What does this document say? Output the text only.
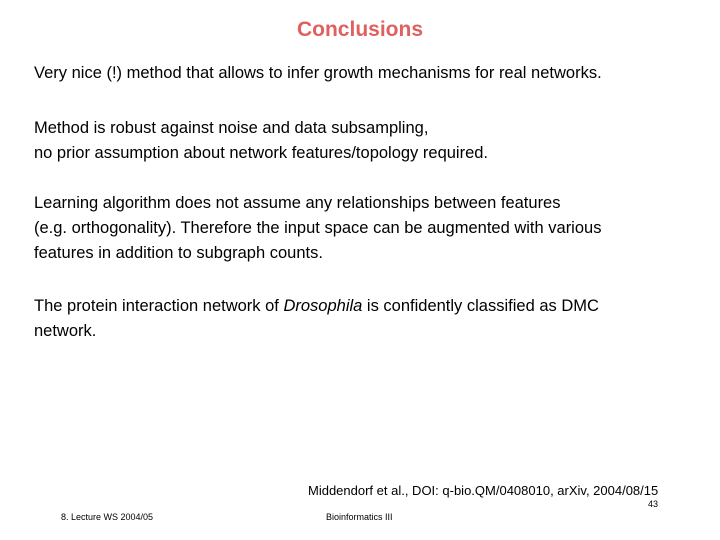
Conclusions

Very nice (!) method that allows to infer growth mechanisms for real networks.

Method is robust against noise and data subsampling,
no prior assumption about network features/topology required.

Learning algorithm does not assume any relationships between features
(e.g. orthogonality). Therefore the input space can be augmented with various
features in addition to subgraph counts.

The protein interaction network of Drosophila is confidently classified as DMC
network.

Middendorf et al., DOI: q-bio.QM/0408010, arXiv, 2004/08/15
8. Lecture WS 2004/05	Bioinformatics III
43
